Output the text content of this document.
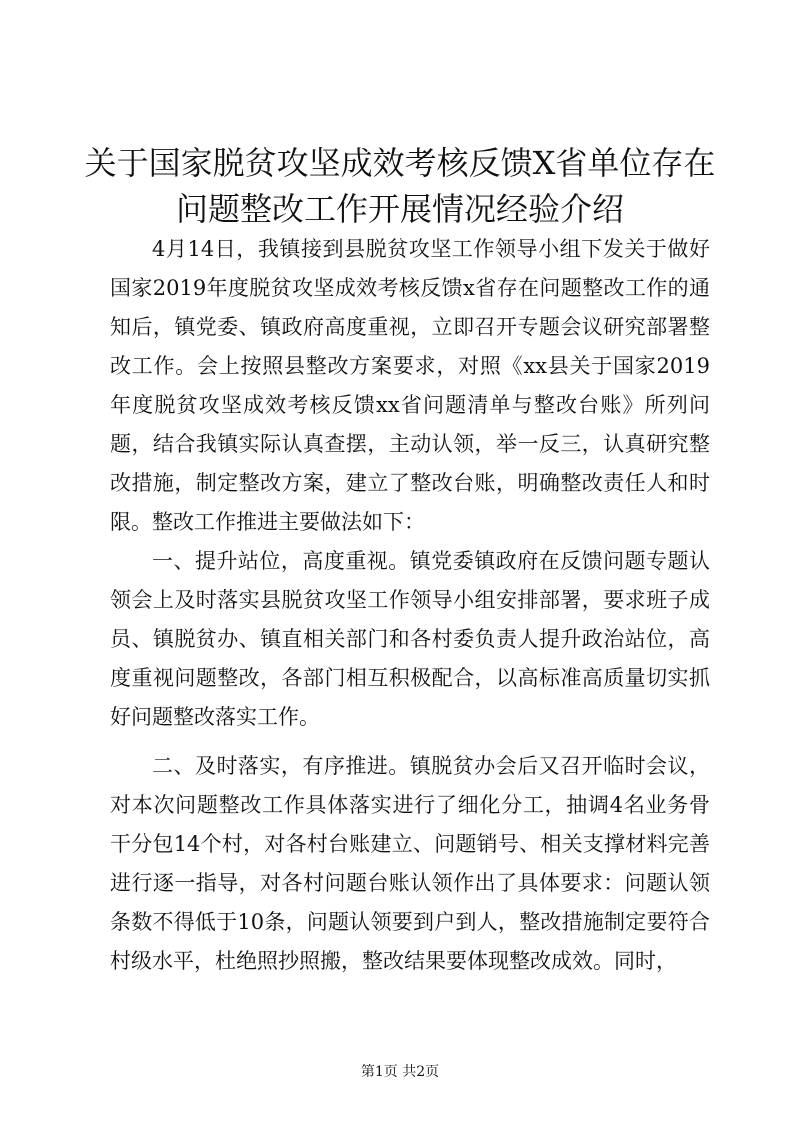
关于国家脱贫攻坚成效考核反馈X省单位存在
问题整改工作开展情况经验介绍

4月14日，我镇接到县脱贫攻坚工作领导小组下发关于做好国家2019年度脱贫攻坚成效考核反馈x省存在问题整改工作的通知后，镇党委、镇政府高度重视，立即召开专题会议研究部署整改工作。会上按照县整改方案要求，对照《xx县关于国家2019年度脱贫攻坚成效考核反馈xx省问题清单与整改台账》所列问题，结合我镇实际认真查摆，主动认领，举一反三，认真研究整改措施，制定整改方案，建立了整改台账，明确整改责任人和时限。整改工作推进主要做法如下：

一、提升站位，高度重视。镇党委镇政府在反馈问题专题认领会上及时落实县脱贫攻坚工作领导小组安排部署，要求班子成员、镇脱贫办、镇直相关部门和各村委负责人提升政治站位，高度重视问题整改，各部门相互积极配合，以高标准高质量切实抓好问题整改落实工作。

二、及时落实，有序推进。镇脱贫办会后又召开临时会议，对本次问题整改工作具体落实进行了细化分工，抽调4名业务骨干分包14个村，对各村台账建立、问题销号、相关支撑材料完善进行逐一指导，对各村问题台账认领作出了具体要求：问题认领条数不得低于10条，问题认领要到户到人，整改措施制定要符合村级水平，杜绝照抄照搬，整改结果要体现整改成效。同时，

第1页 共2页
